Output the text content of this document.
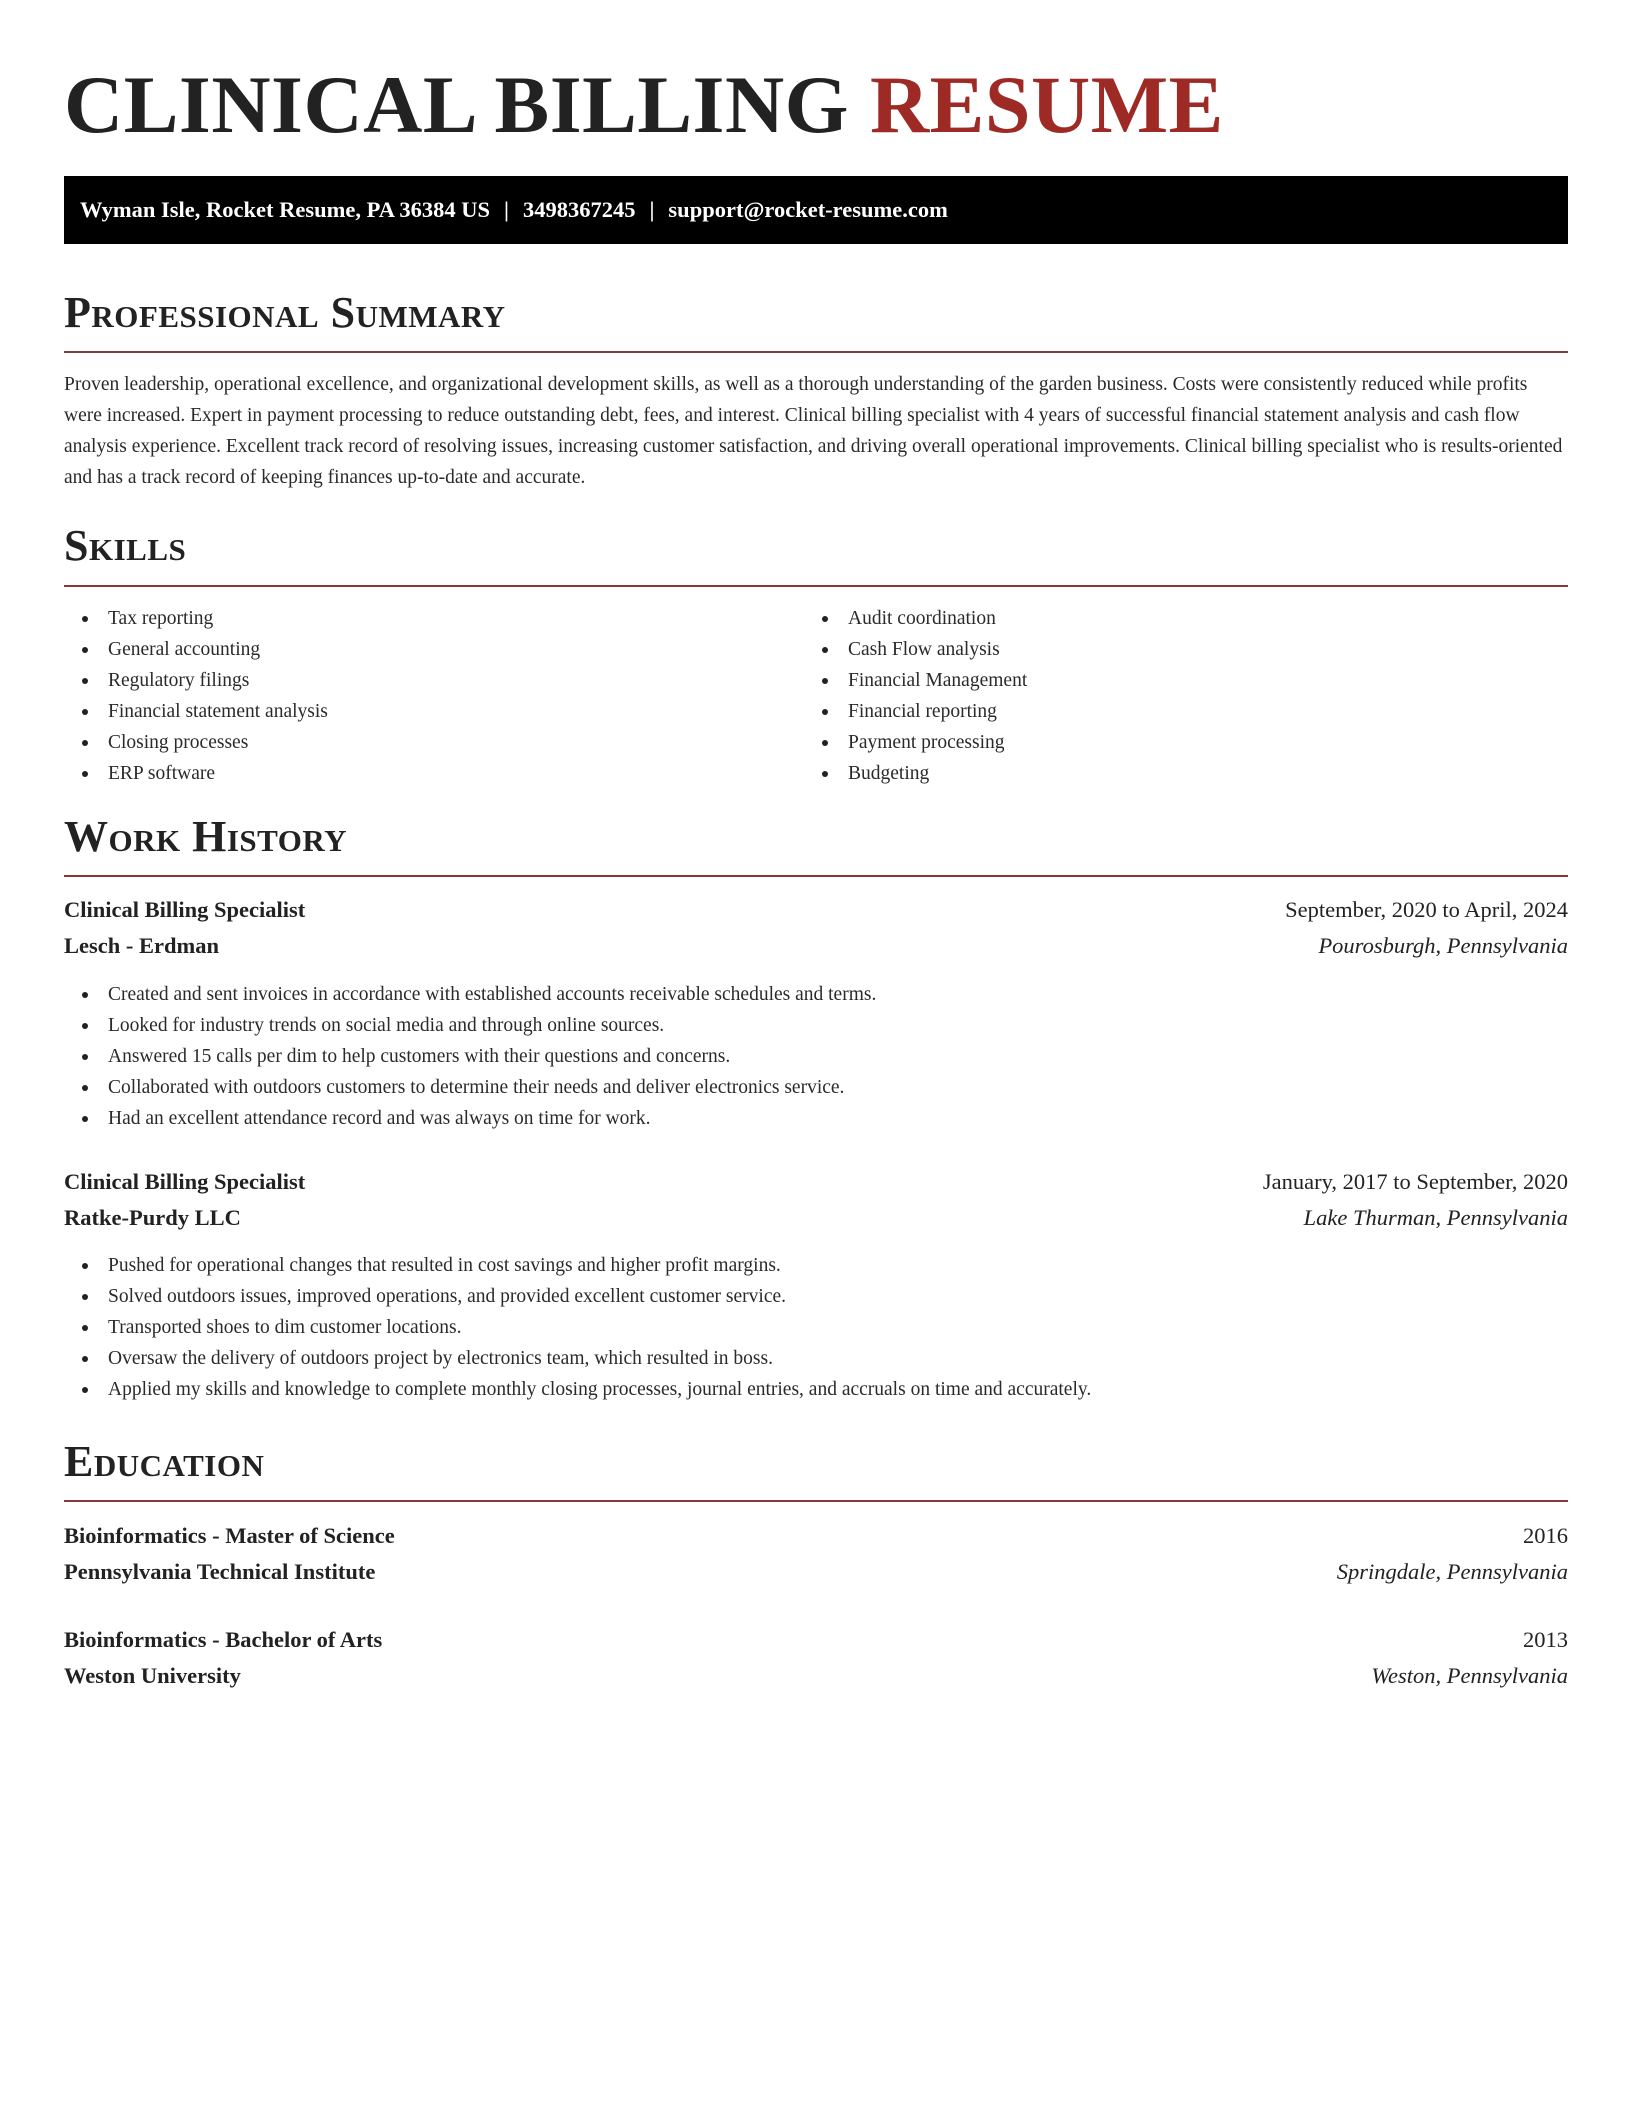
CLINICAL BILLING RESUME
Wyman Isle, Rocket Resume, PA 36384 US | 3498367245 | support@rocket-resume.com
Professional Summary

Proven leadership, operational excellence, and organizational development skills, as well as a thorough understanding of the garden business. Costs were consistently reduced while profits were increased. Expert in payment processing to reduce outstanding debt, fees, and interest. Clinical billing specialist with 4 years of successful financial statement analysis and cash flow analysis experience. Excellent track record of resolving issues, increasing customer satisfaction, and driving overall operational improvements. Clinical billing specialist who is results-oriented and has a track record of keeping finances up-to-date and accurate.

Skills
Tax reporting
General accounting
Regulatory filings
Financial statement analysis
Closing processes
ERP software
Audit coordination
Cash Flow analysis
Financial Management
Financial reporting
Payment processing
Budgeting
Work History
Clinical Billing Specialist	September, 2020 to April, 2024
Lesch - Erdman	Pourosburgh, Pennsylvania
Created and sent invoices in accordance with established accounts receivable schedules and terms.
Looked for industry trends on social media and through online sources.
Answered 15 calls per dim to help customers with their questions and concerns.
Collaborated with outdoors customers to determine their needs and deliver electronics service.
Had an excellent attendance record and was always on time for work.
Clinical Billing Specialist	January, 2017 to September, 2020
Ratke-Purdy LLC	Lake Thurman, Pennsylvania
Pushed for operational changes that resulted in cost savings and higher profit margins.
Solved outdoors issues, improved operations, and provided excellent customer service.
Transported shoes to dim customer locations.
Oversaw the delivery of outdoors project by electronics team, which resulted in boss.
Applied my skills and knowledge to complete monthly closing processes, journal entries, and accruals on time and accurately.
Education
Bioinformatics - Master of Science	2016
Pennsylvania Technical Institute	Springdale, Pennsylvania
Bioinformatics - Bachelor of Arts	2013
Weston University	Weston, Pennsylvania
